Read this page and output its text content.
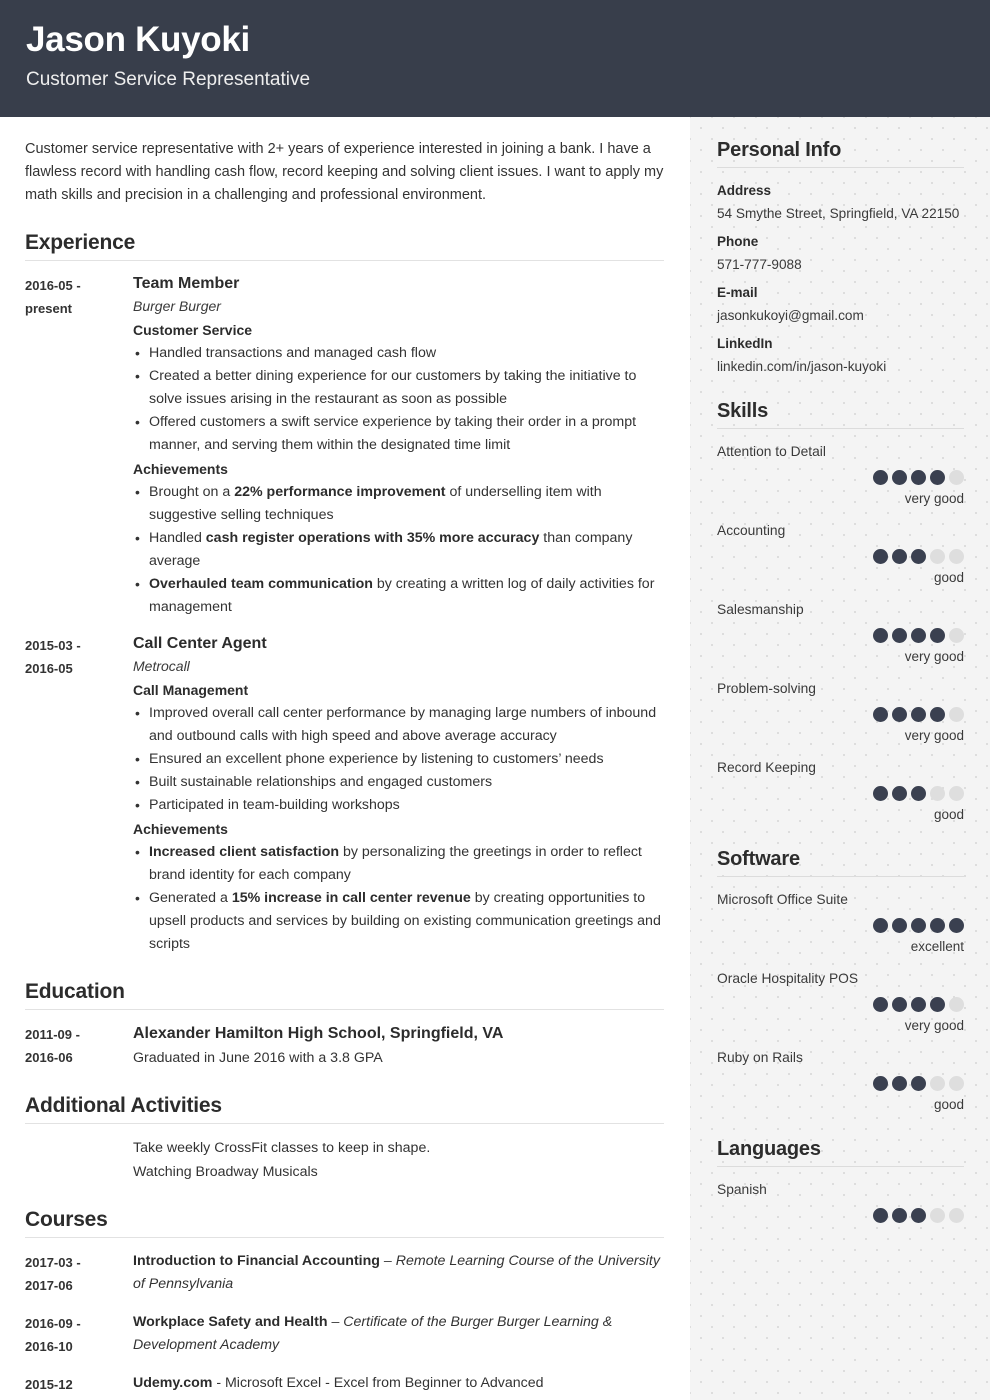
Jason Kuyoki
Customer Service Representative
Customer service representative with 2+ years of experience interested in joining a bank. I have a flawless record with handling cash flow, record keeping and solving client issues. I want to apply my math skills and precision in a challenging and professional environment.
Experience
2016-05 -
present
Team Member
Burger Burger
Customer Service
• Handled transactions and managed cash flow
• Created a better dining experience for our customers by taking the initiative to solve issues arising in the restaurant as soon as possible
• Offered customers a swift service experience by taking their order in a prompt manner, and serving them within the designated time limit
Achievements
• Brought on a 22% performance improvement of underselling item with suggestive selling techniques
• Handled cash register operations with 35% more accuracy than company average
• Overhauled team communication by creating a written log of daily activities for management
2015-03 -
2016-05
Call Center Agent
Metrocall
Call Management
• Improved overall call center performance by managing large numbers of inbound and outbound calls with high speed and above average accuracy
• Ensured an excellent phone experience by listening to customers’ needs
• Built sustainable relationships and engaged customers
• Participated in team-building workshops
Achievements
• Increased client satisfaction by personalizing the greetings in order to reflect brand identity for each company
• Generated a 15% increase in call center revenue by creating opportunities to upsell products and services by building on existing communication greetings and scripts
Education
2011-09 -
2016-06
Alexander Hamilton High School, Springfield, VA
Graduated in June 2016 with a 3.8 GPA
Additional Activities
Take weekly CrossFit classes to keep in shape.
Watching Broadway Musicals
Courses
2017-03 -
2017-06
Introduction to Financial Accounting – Remote Learning Course of the University of Pennsylvania
2016-09 -
2016-10
Workplace Safety and Health – Certificate of the Burger Burger Learning & Development Academy
2015-12	Udemy.com - Microsoft Excel - Excel from Beginner to Advanced
Personal Info
Address
54 Smythe Street, Springfield, VA 22150
Phone
571-777-9088
E-mail
jasonkukoyi@gmail.com
LinkedIn
linkedin.com/in/jason-kuyoki
Skills
Attention to Detail
very good
Accounting
good
Salesmanship
very good
Problem-solving
very good
Record Keeping
good
Software
Microsoft Office Suite
excellent
Oracle Hospitality POS
very good
Ruby on Rails
good
Languages
Spanish
